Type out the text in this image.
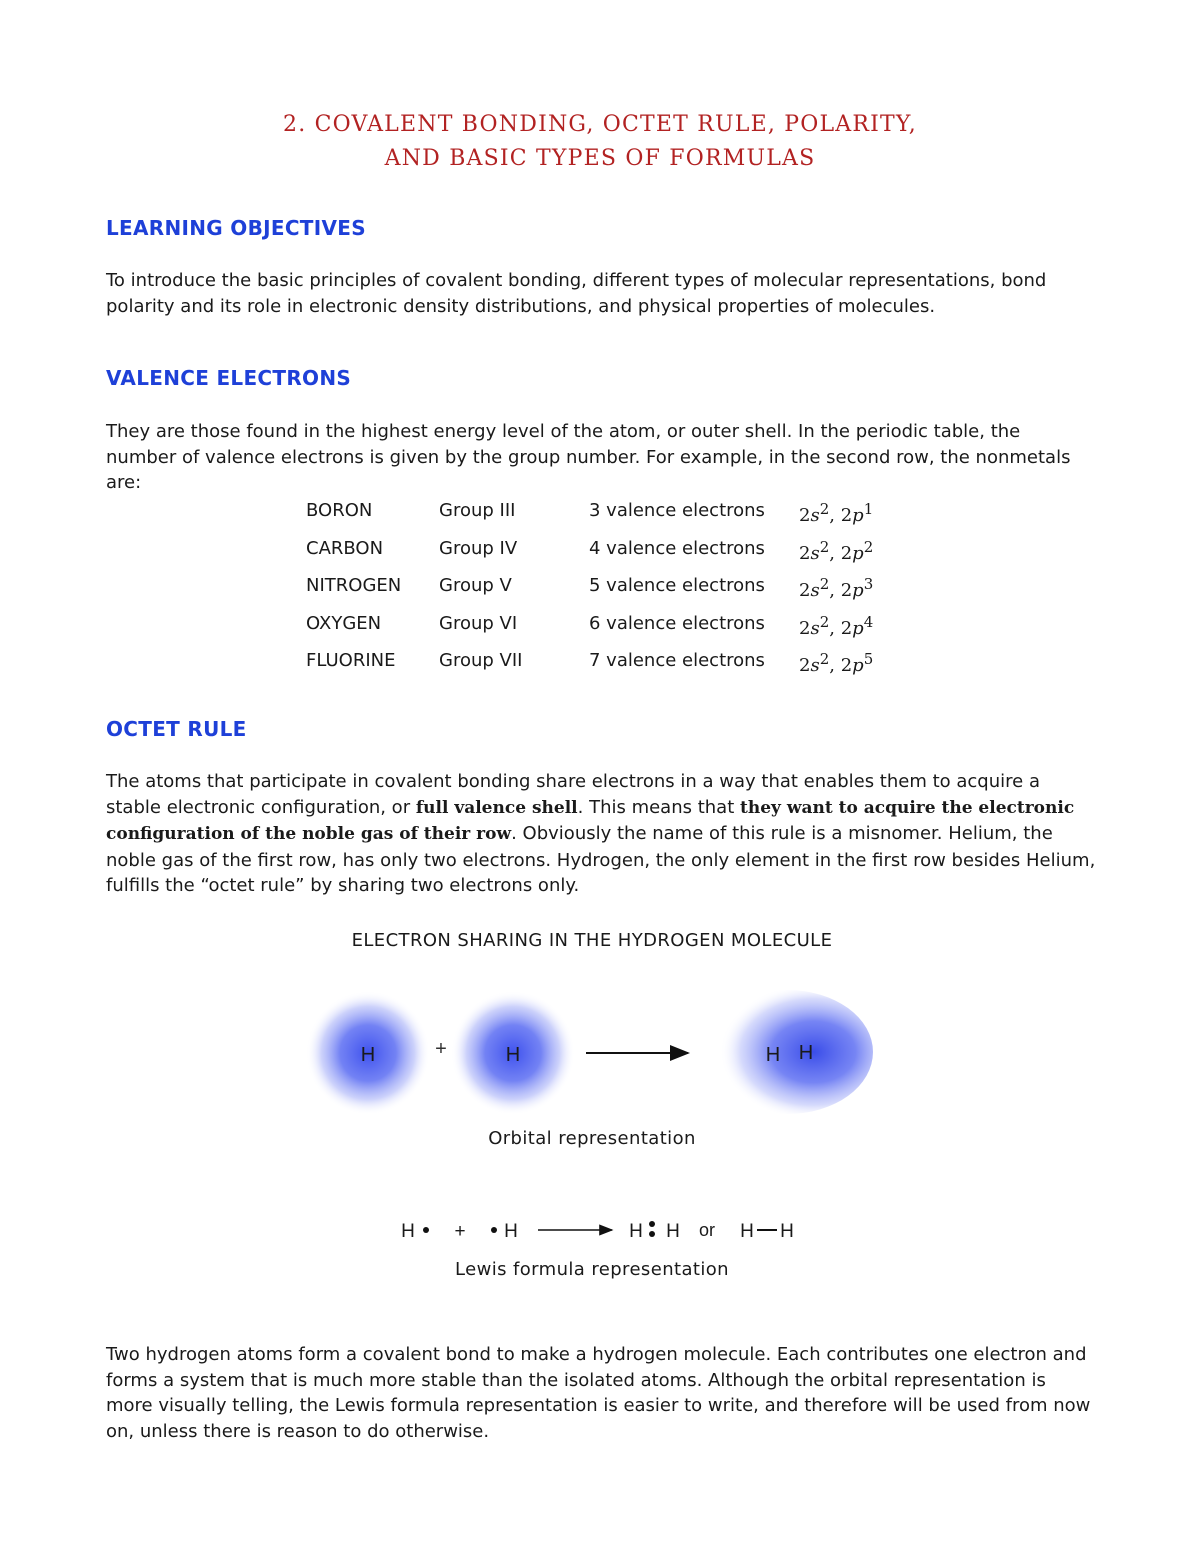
2. COVALENT BONDING, OCTET RULE, POLARITY,
AND BASIC TYPES OF FORMULAS
LEARNING OBJECTIVES
To introduce the basic principles of covalent bonding, different types of molecular representations, bond polarity and its role in electronic density distributions, and physical properties of molecules.
VALENCE ELECTRONS
They are those found in the highest energy level of the atom, or outer shell. In the periodic table, the number of valence electrons is given by the group number. For example, in the second row, the nonmetals are:
BORON	Group III	3 valence electrons $2s^2$, $2p^1$
CARBON	Group IV	4 valence electrons $2s^2$, $2p^2$
NITROGEN Group V	5 valence electrons $2s^2$, $2p^3$
OXYGEN	Group VI	6 valence electrons $2s^2$, $2p^4$
FLUORINE Group VII	7 valence electrons $2s^2$, $2p^5$
OCTET RULE
The atoms that participate in covalent bonding share electrons in a way that enables them to acquire a stable electronic configuration, or full valence shell. This means that they want to acquire the electronic configuration of the noble gas of their row. Obviously the name of this rule is a misnomer. Helium, the noble gas of the first row, has only two electrons. Hydrogen, the only element in the first row besides Helium, fulfills the “octet rule” by sharing two electrons only.
ELECTRON SHARING IN THE HYDROGEN MOLECULE
H	+	H	H H
Orbital representation
H + H	H H or H H
Lewis formula representation
Two hydrogen atoms form a covalent bond to make a hydrogen molecule. Each contributes one electron and forms a system that is much more stable than the isolated atoms. Although the orbital representation is more visually telling, the Lewis formula representation is easier to write, and therefore will be used from now on, unless there is reason to do otherwise.
